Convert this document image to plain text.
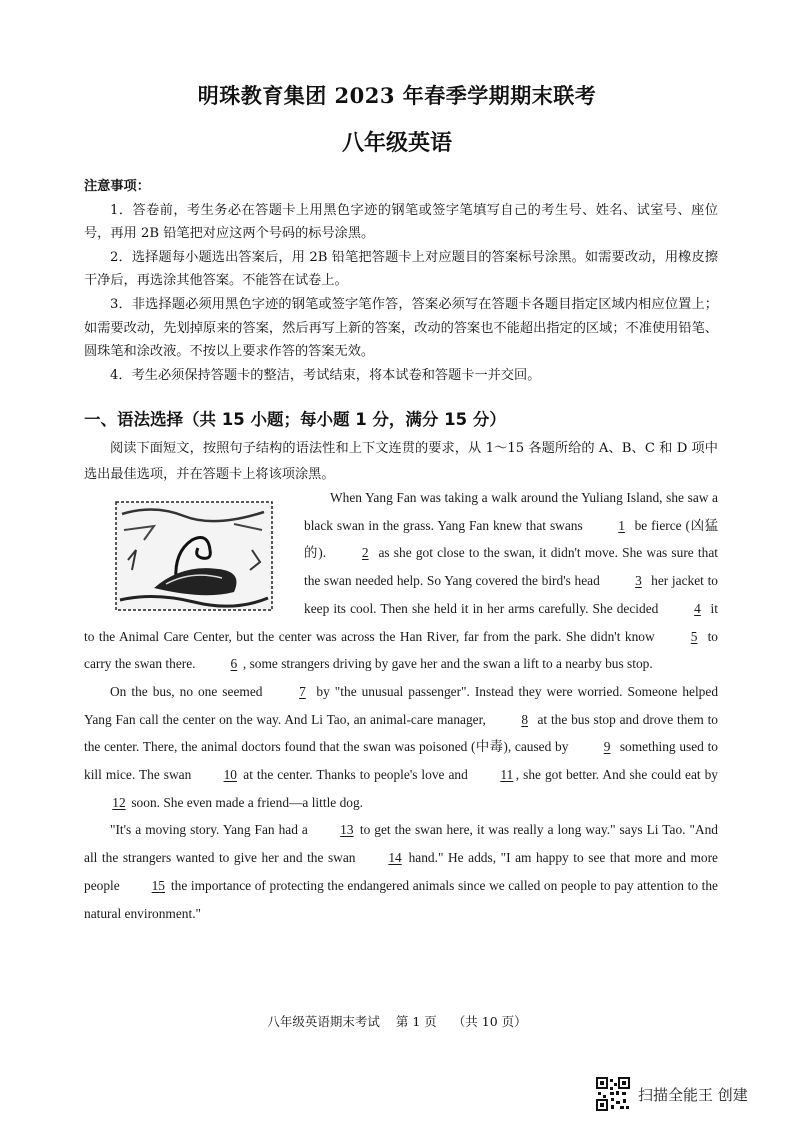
明珠教育集团 2023 年春季学期期末联考
八年级英语
注意事项：

1．答卷前，考生务必在答题卡上用黑色字迹的钢笔或签字笔填写自己的考生号、姓名、试室号、座位号，再用 2B 铅笔把对应这两个号码的标号涂黑。

2．选择题每小题选出答案后，用 2B 铅笔把答题卡上对应题目的答案标号涂黑。如需要改动，用橡皮擦干净后，再选涂其他答案。不能答在试卷上。

3．非选择题必须用黑色字迹的钢笔或签字笔作答，答案必须写在答题卡各题目指定区域内相应位置上；如需要改动，先划掉原来的答案，然后再写上新的答案，改动的答案也不能超出指定的区域；不准使用铅笔、圆珠笔和涂改液。不按以上要求作答的答案无效。

4．考生必须保持答题卡的整洁，考试结束，将本试卷和答题卡一并交回。

一、语法选择（共 15 小题；每小题 1 分，满分 15 分）

阅读下面短文，按照句子结构的语法性和上下文连贯的要求，从 1～15 各题所给的 A、B、C 和 D 项中选出最佳选项，并在答题卡上将该项涂黑。

When Yang Fan was taking a walk around the Yuliang Island, she saw a black swan in the grass. Yang Fan knew that swans 1 be fierce (凶猛的). 2 as she got close to the swan, it didn't move. She was sure that the swan needed help. So Yang covered the bird's head 3 her jacket to keep its cool. Then she held it in her arms carefully. She decided 4 it to the Animal Care Center, but the center was across the Han River, far from the park. She didn't know 5 to carry the swan there. 6 , some strangers driving by gave her and the swan a lift to a nearby bus stop.

On the bus, no one seemed 7 by "the unusual passenger". Instead they were worried. Someone helped Yang Fan call the center on the way. And Li Tao, an animal-care manager, 8 at the bus stop and drove them to the center. There, the animal doctors found that the swan was poisoned (中毒), caused by 9 something used to kill mice. The swan 10 at the center. Thanks to people's love and 11 , she got better. And she could eat by 12 soon. She even made a friend—a little dog.

"It's a moving story. Yang Fan had a 13 to get the swan here, it was really a long way." says Li Tao. "And all the strangers wanted to give her and the swan 14 hand." He adds, "I am happy to see that more and more people 15 the importance of protecting the endangered animals since we called on people to pay attention to the natural environment."

八年级英语期末考试 第 1 页 （共 10 页）
扫描全能王 创建
